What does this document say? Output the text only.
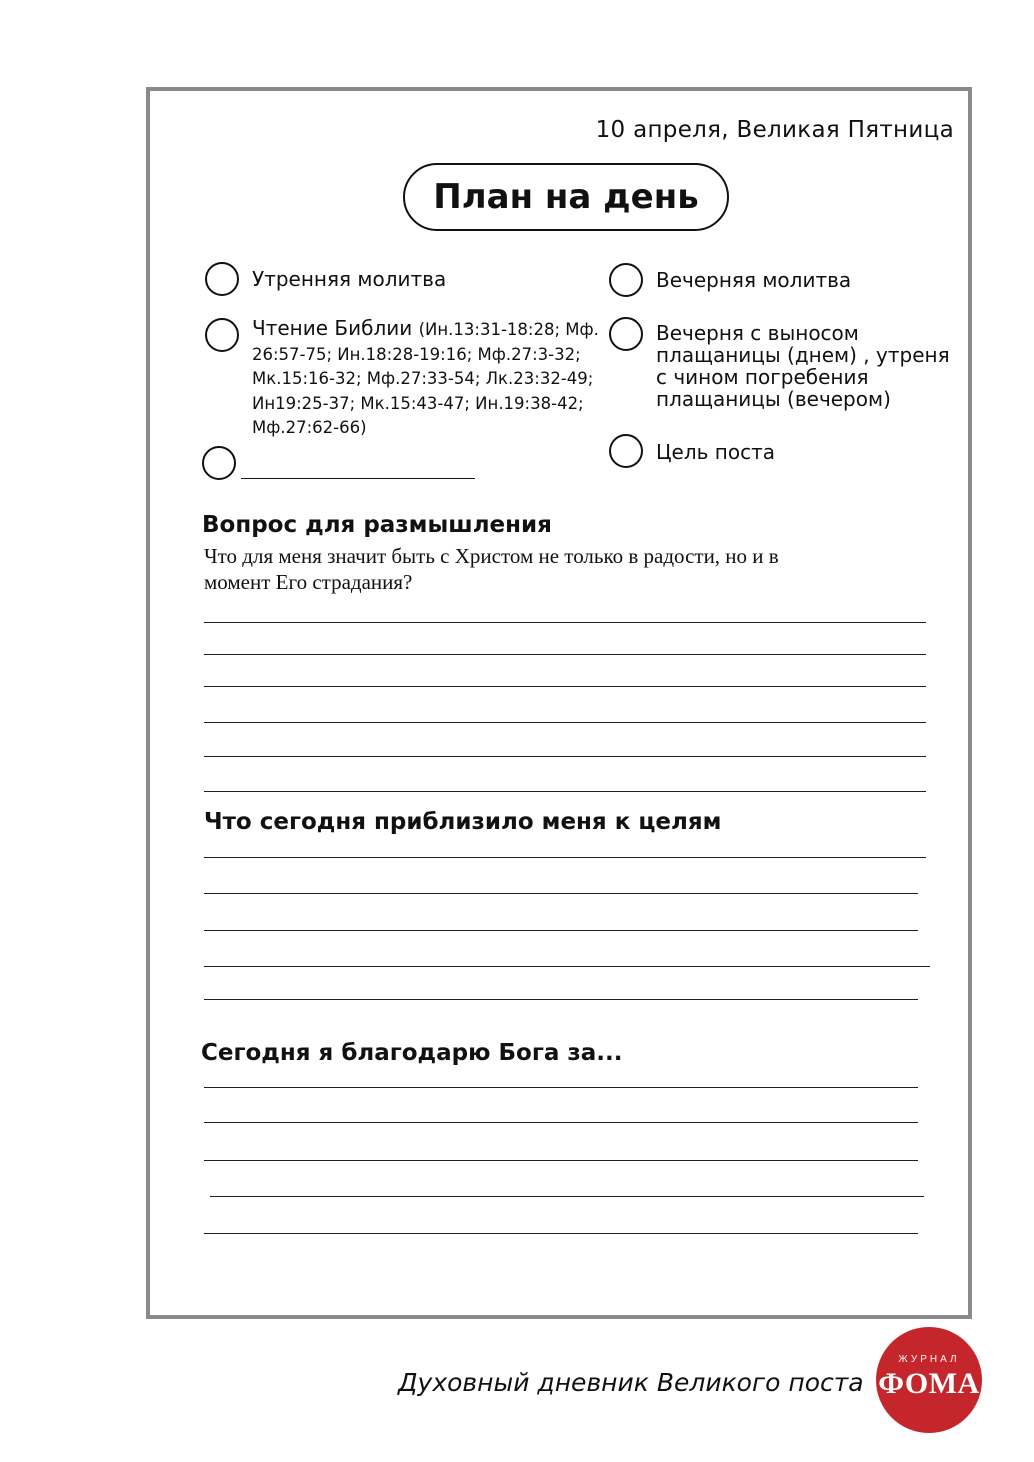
10 апреля, Великая Пятница
План на день
Утренняя молитва
Чтение Библии (Ин.13:31-18:28; Мф.
26:57-75; Ин.18:28-19:16; Мф.27:3-32;
Мк.15:16-32; Мф.27:33-54; Лк.23:32-49;
Ин19:25-37; Мк.15:43-47; Ин.19:38-42;
Мф.27:62-66)
Вечерняя молитва
Вечерня с выносом
плащаницы (днем) , утреня
с чином погребения
плащаницы (вечером)
Цель поста
Вопрос для размышления
Что для меня значит быть с Христом не только в радости, но и в
момент Его страдания?
Что сегодня приблизило меня к целям
Сегодня я благодарю Бога за...
Духовный дневник Великого поста
ЖУРНАЛ
ФОМА
